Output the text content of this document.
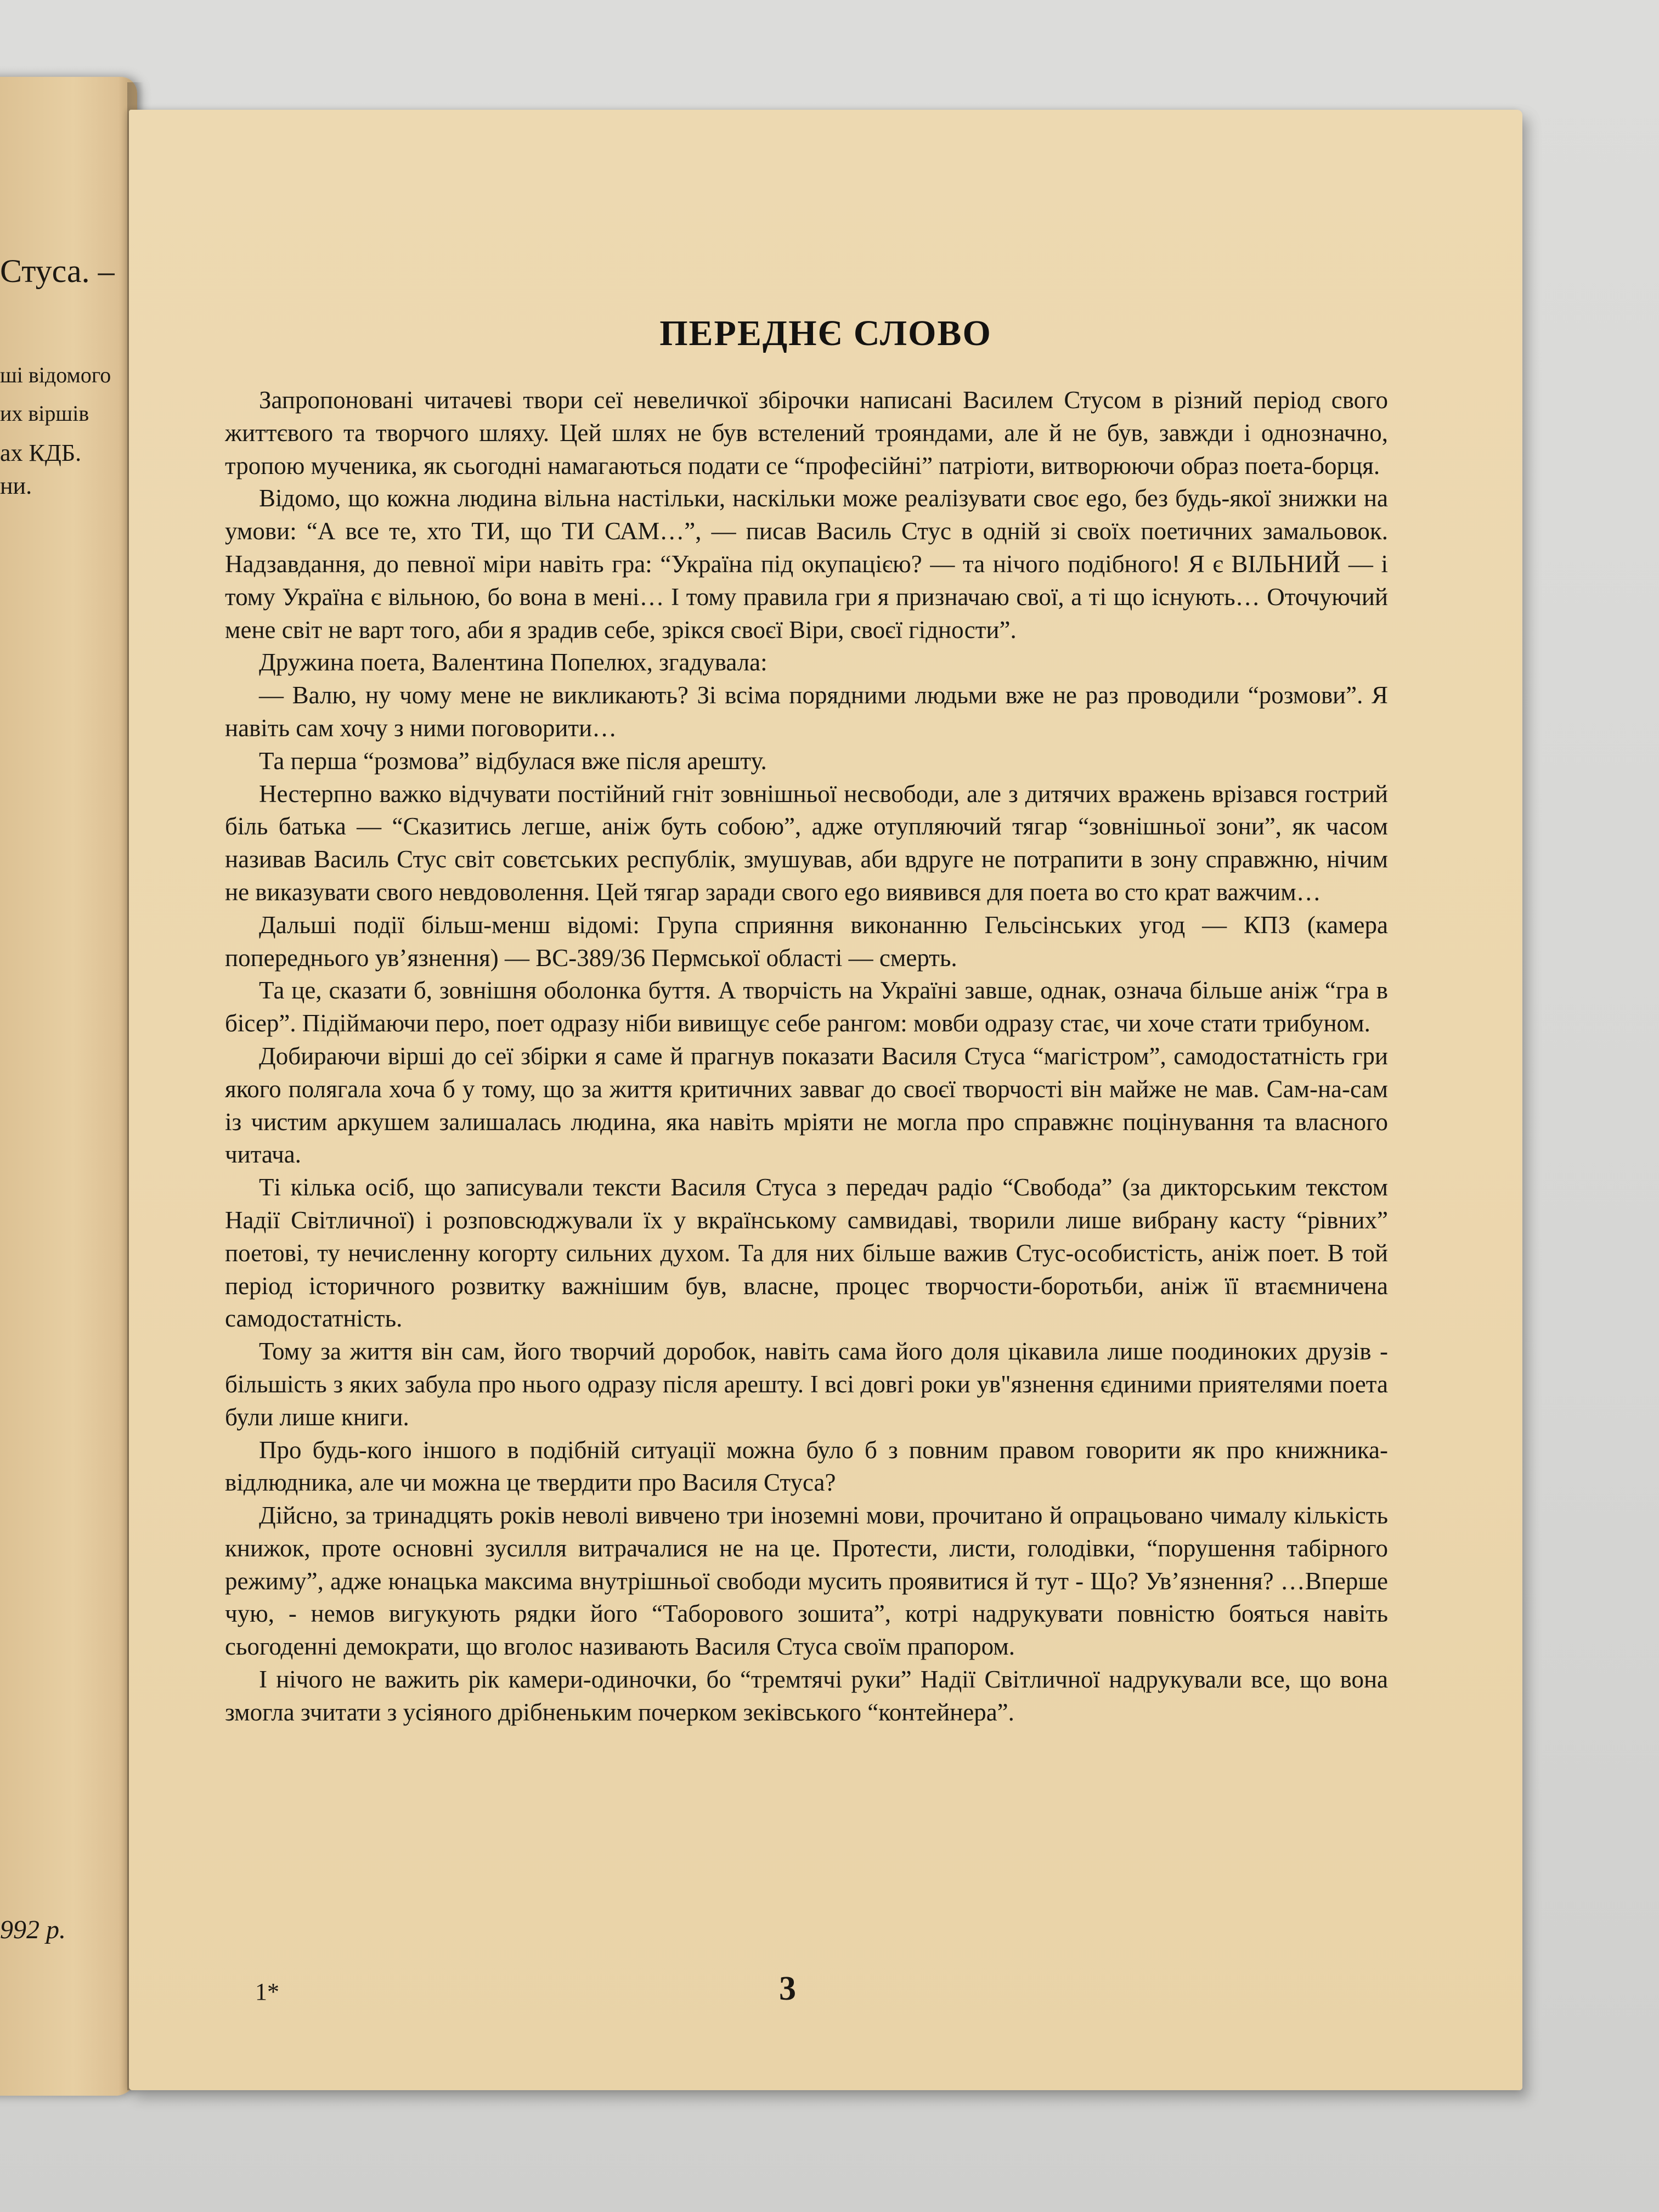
Стуса. –
ші відомого
их віршів
ах КДБ.
ни.
992 р.
ПЕРЕДНЄ СЛОВО

Запропоновані читачеві твори сеї невеличкої збірочки написані Василем Стусом в різний період свого життєвого та творчого шляху. Цей шлях не був встелений трояндами, але й не був, завжди і однозначно, тропою мученика, як сьогодні намагаються подати се “професійні” патріоти, витворюючи образ поета-борця.

Відомо, що кожна людина вільна настільки, наскільки може реалізувати своє ego, без будь-якої знижки на умови: “А все те, хто ТИ, що ТИ САМ…”, — писав Василь Стус в одній зі своїх поетичних замальовок. Надзавдання, до певної міри навіть гра: “Україна під окупацією? — та нічого подібного! Я є ВІЛЬНИЙ — і тому Україна є вільною, бо вона в мені… І тому правила гри я призначаю свої, а ті що існують… Оточуючий мене світ не варт того, аби я зрадив себе, зрікся своєї Віри, своєї гідности”.

Дружина поета, Валентина Попелюх, згадувала:

— Валю, ну чому мене не викликають? Зі всіма порядними людьми вже не раз проводили “розмови”. Я навіть сам хочу з ними поговорити…

Та перша “розмова” відбулася вже після арешту.

Нестерпно важко відчувати постійний гніт зовнішньої несвободи, але з дитячих вражень врізався гострий біль батька — “Сказитись легше, аніж буть собою”, адже отупляючий тягар “зовнішньої зони”, як часом називав Василь Стус світ совєтських республік, змушував, аби вдруге не потрапити в зону справжню, нічим не виказувати свого невдоволення. Цей тягар заради свого ego виявився для поета во сто крат важчим…

Дальші події більш-менш відомі: Група сприяння виконанню Гельсінських угод — КПЗ (камера попереднього ув’язнення) — ВС-389/36 Пермської області — смерть.

Та це, сказати б, зовнішня оболонка буття. А творчість на Україні завше, однак, означа більше аніж “гра в бісер”. Підіймаючи перо, поет одразу ніби вивищує себе рангом: мовби одразу стає, чи хоче стати трибуном.

Добираючи вірші до сеї збірки я саме й прагнув показати Василя Стуса “магістром”, самодостатність гри якого полягала хоча б у тому, що за життя критичних завваг до своєї творчості він майже не мав. Сам-на-сам із чистим аркушем залишалась людина, яка навіть мріяти не могла про справжнє поцінування та власного читача.

Ті кілька осіб, що записували тексти Василя Стуса з передач радіо “Свобода” (за дикторським текстом Надії Світличної) і розповсюджували їх у вкраїнському самвидаві, творили лише вибрану касту “рівних” поетові, ту нечисленну когорту сильних духом. Та для них більше важив Стус-особистість, аніж поет. В той період історичного розвитку важнішим був, власне, процес творчости-боротьби, аніж її втаємничена самодостатність.

Тому за життя він сам, його творчий доробок, навіть сама його доля цікавила лише поодиноких друзів - більшість з яких забула про нього одразу після арешту. І всі довгі роки ув"язнення єдиними приятелями поета були лише книги.

Про будь-кого іншого в подібній ситуації можна було б з повним правом говорити як про книжника-відлюдника, але чи можна це твердити про Василя Стуса?

Дійсно, за тринадцять років неволі вивчено три іноземні мови, прочитано й опрацьовано чималу кількість книжок, проте основні зусилля витрачалися не на це. Протести, листи, голодівки, “порушення табірного режиму”, адже юнацька максима внутрішньої свободи мусить проявитися й тут - Що? Ув’язнення? …Вперше чую, - немов вигукують рядки його “Таборового зошита”, котрі надрукувати повністю бояться навіть сьогоденні демократи, що вголос називають Василя Стуса своїм прапором.

І нічого не важить рік камери-одиночки, бо “тремтячі руки” Надії Світличної надрукували все, що вона змогла зчитати з усіяного дрібненьким почерком зеківського “контейнера”.

1*	3
